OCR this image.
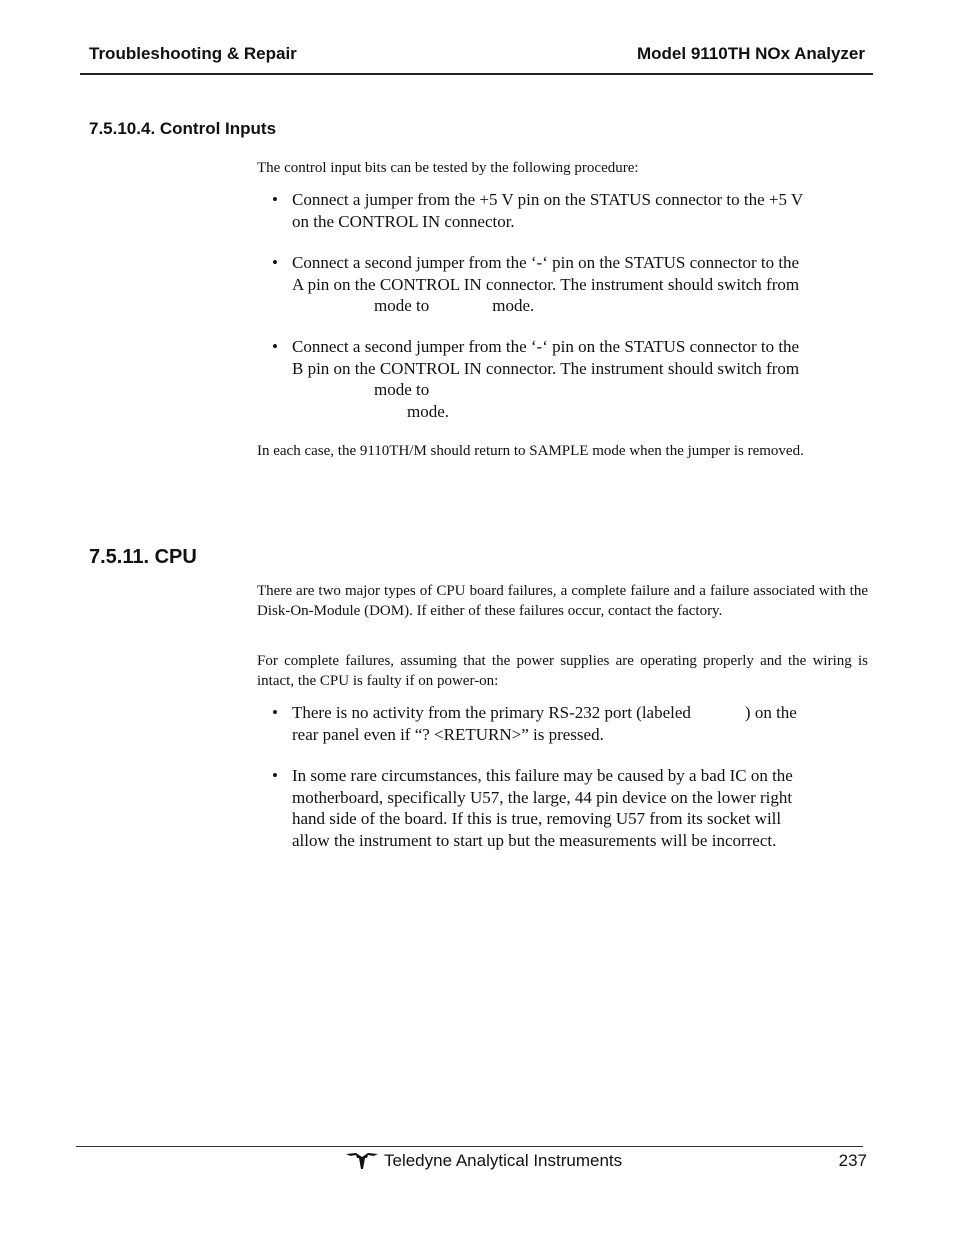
Troubleshooting & Repair	Model 9110TH NOx Analyzer
7.5.10.4. Control Inputs
The control input bits can be tested by the following procedure:
• Connect a jumper from the +5 V pin on the STATUS connector to the +5 V
on the CONTROL IN connector.
• Connect a second jumper from the ‘-‘ pin on the STATUS connector to the
A pin on the CONTROL IN connector. The instrument should switch from
mode to	mode.
• Connect a second jumper from the ‘-‘ pin on the STATUS connector to the
B pin on the CONTROL IN connector. The instrument should switch from
mode to
mode.
In each case, the 9110TH/M should return to SAMPLE mode when the jumper is removed.
7.5.11. CPU
There are two major types of CPU board failures, a complete failure and a failure associated with the Disk-On-Module (DOM). If either of these failures occur, contact the factory.
For complete failures, assuming that the power supplies are operating properly and the wiring is intact, the CPU is faulty if on power-on:
• There is no activity from the primary RS-232 port (labeled	) on the
rear panel even if “? <RETURN>” is pressed.
• In some rare circumstances, this failure may be caused by a bad IC on the
motherboard, specifically U57, the large, 44 pin device on the lower right
hand side of the board. If this is true, removing U57 from its socket will
allow the instrument to start up but the measurements will be incorrect.
Teledyne Analytical Instruments	237
